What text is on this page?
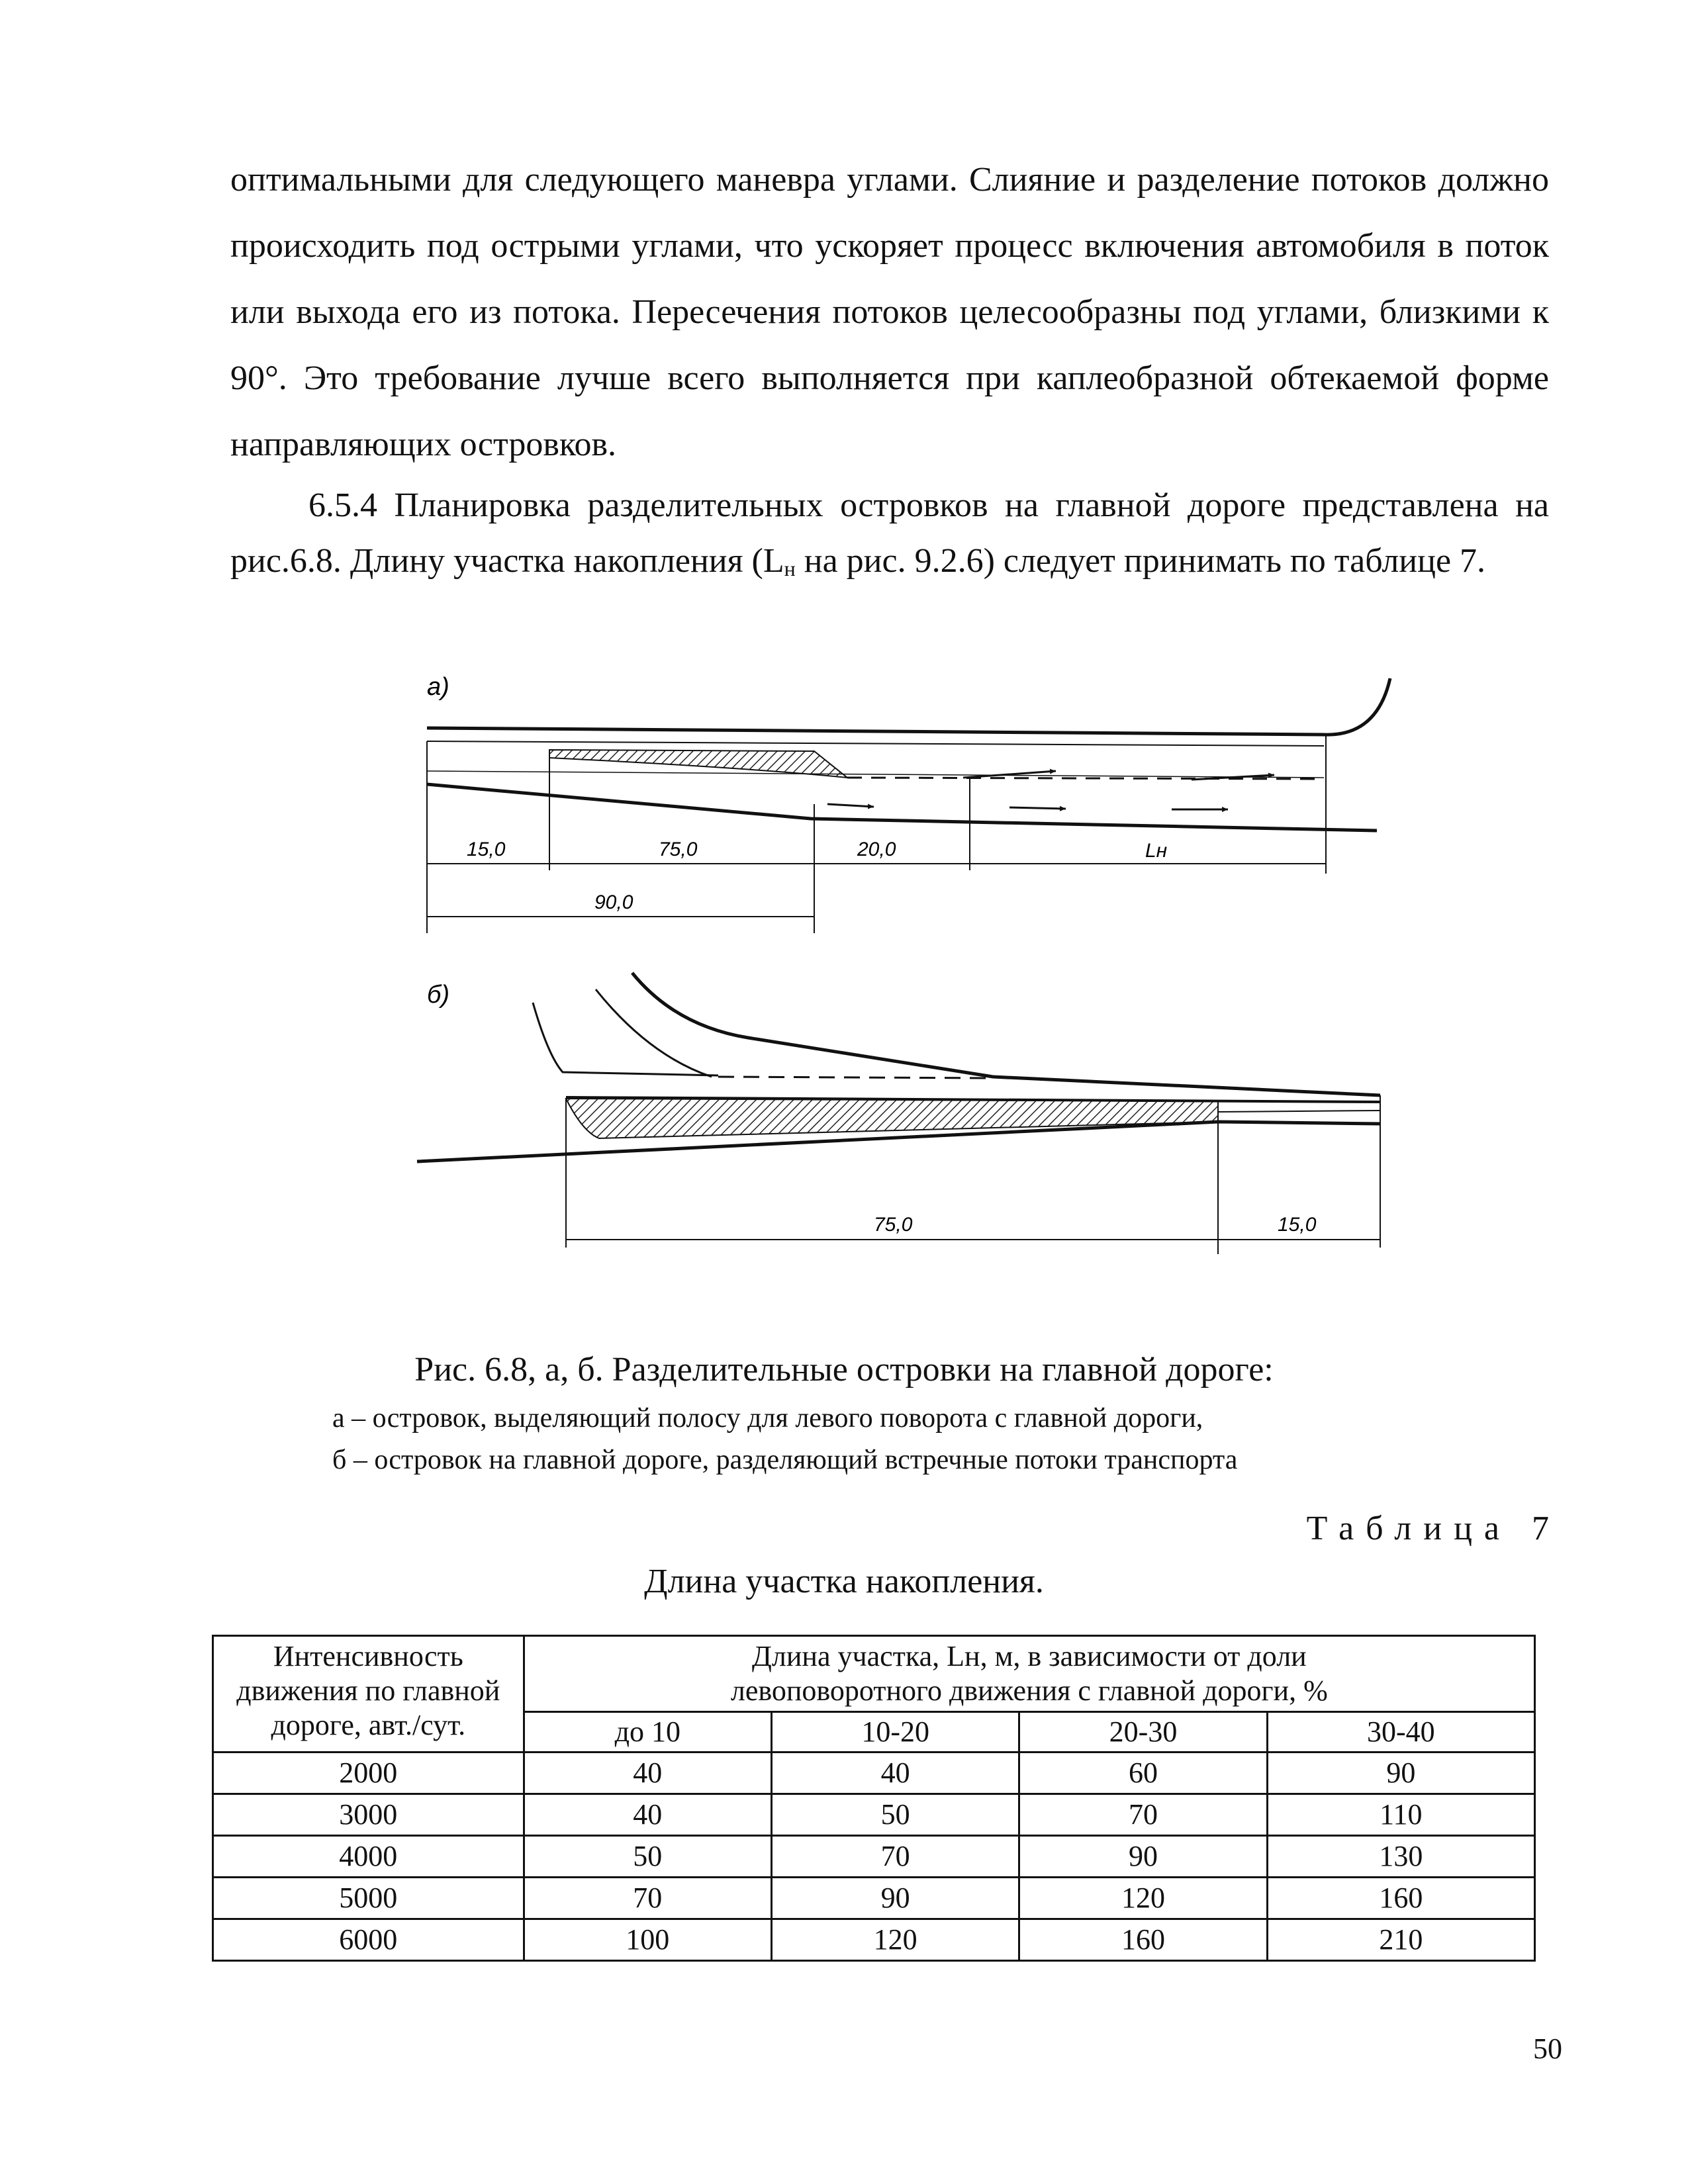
оптимальными для следующего маневра углами. Слияние и разделение потоков должно происходить под острыми углами, что ускоряет процесс включения автомобиля в поток или выхода его из потока. Пересечения потоков целесообразны под углами, близкими к 90°. Это требование лучше всего выполняется при каплеобразной обтекаемой форме направляющих островков.
6.5.4 Планировка разделительных островков на главной дороге представлена на рис.6.8. Длину участка накопления ($L_н$ на рис. 9.2.6) следует принимать по таблице 7.
а)
15,0	75,0	20,0	Lн
90,0
б)
75,0	15,0
Рис. 6.8, а, б. Разделительные островки на главной дороге:
а – островок, выделяющий полосу для левого поворота с главной дороги,
б – островок на главной дороге, разделяющий встречные потоки транспорта
Таблица 7
Длина участка накопления.
Интенсивность движения по главной дороге, авт./сут.	Длина участка, Lн, м, в зависимости от доли
левоповоротного движения с главной дороги, %			

	до 10	10-20	20-30	30-40
2000	40	40	60	90
3000	40	50	70	110
4000	50	70	90	130
5000	70	90	120	160
6000	100	120	160	210
50
